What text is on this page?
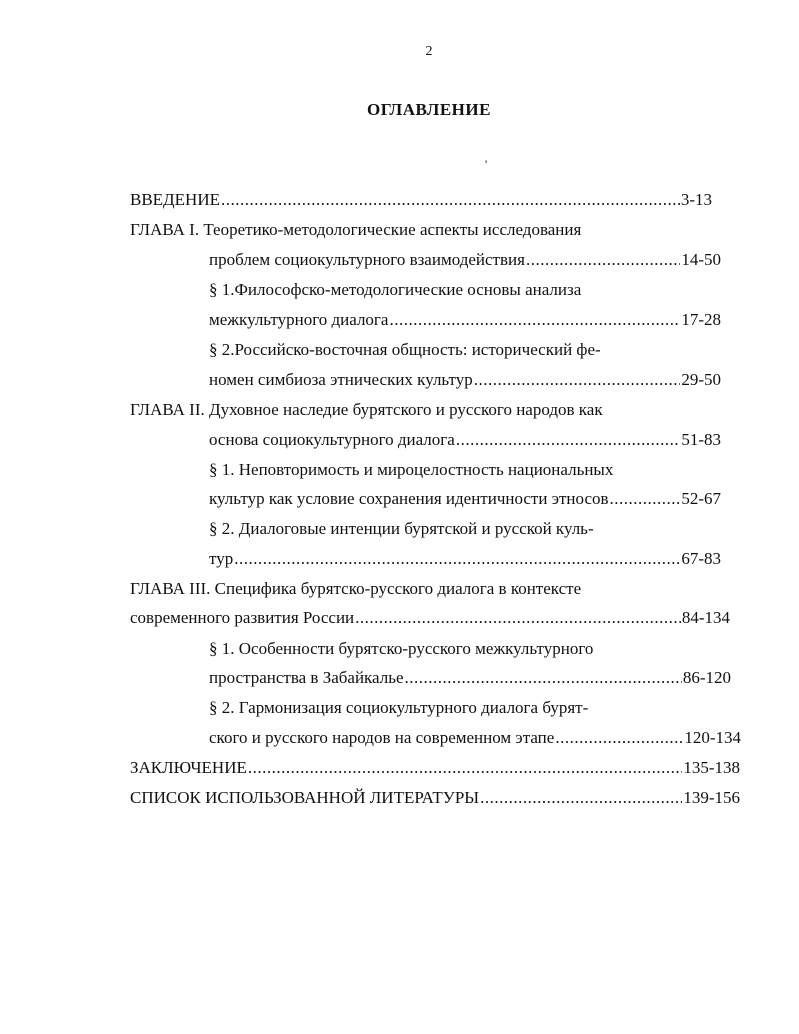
2
ОГЛАВЛЕНИЕ
'
ВВЕДЕНИЕ .....	3-13
ГЛАВА I. Теоретико-методологические аспекты исследования
проблем социокультурного взаимодействия .....	14-50
§ 1.Философско-методологические основы анализа
межкультурного диалога .....	17-28
§ 2.Российско-восточная общность: исторический фе-
номен симбиоза этнических культур .....	29-50
ГЛАВА II. Духовное наследие бурятского и русского народов как
основа социокультурного диалога .....	51-83
§ 1. Неповторимость и мироцелостность национальных
культур как условие сохранения идентичности этносов .....	52-67
§ 2. Диалоговые интенции бурятской и русской куль-
тур .....	67-83
ГЛАВА III. Специфика бурятско-русского диалога в контексте
современного развития России .....	84-134
§ 1. Особенности бурятско-русского межкультурного
пространства в Забайкалье .....	86-120
§ 2. Гармонизация социокультурного диалога бурят-
ского и русского народов на современном этапе .....	120-134
ЗАКЛЮЧЕНИЕ .....	135-138
СПИСОК ИСПОЛЬЗОВАННОЙ ЛИТЕРАТУРЫ .....	139-156
